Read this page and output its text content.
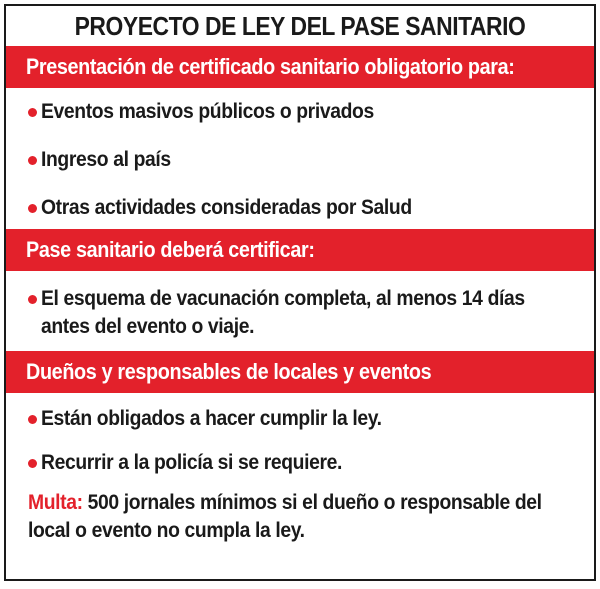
PROYECTO DE LEY DEL PASE SANITARIO
Presentación de certificado sanitario obligatorio para:
Eventos masivos públicos o privados
Ingreso al país
Otras actividades consideradas por Salud
Pase sanitario deberá certificar:
El esquema de vacunación completa, al menos 14 días antes del evento o viaje.
Dueños y responsables de locales y eventos
Están obligados a hacer cumplir la ley.
Recurrir a la policía si se requiere.
Multa: 500 jornales mínimos si el dueño o responsable del local o evento no cumpla la ley.
